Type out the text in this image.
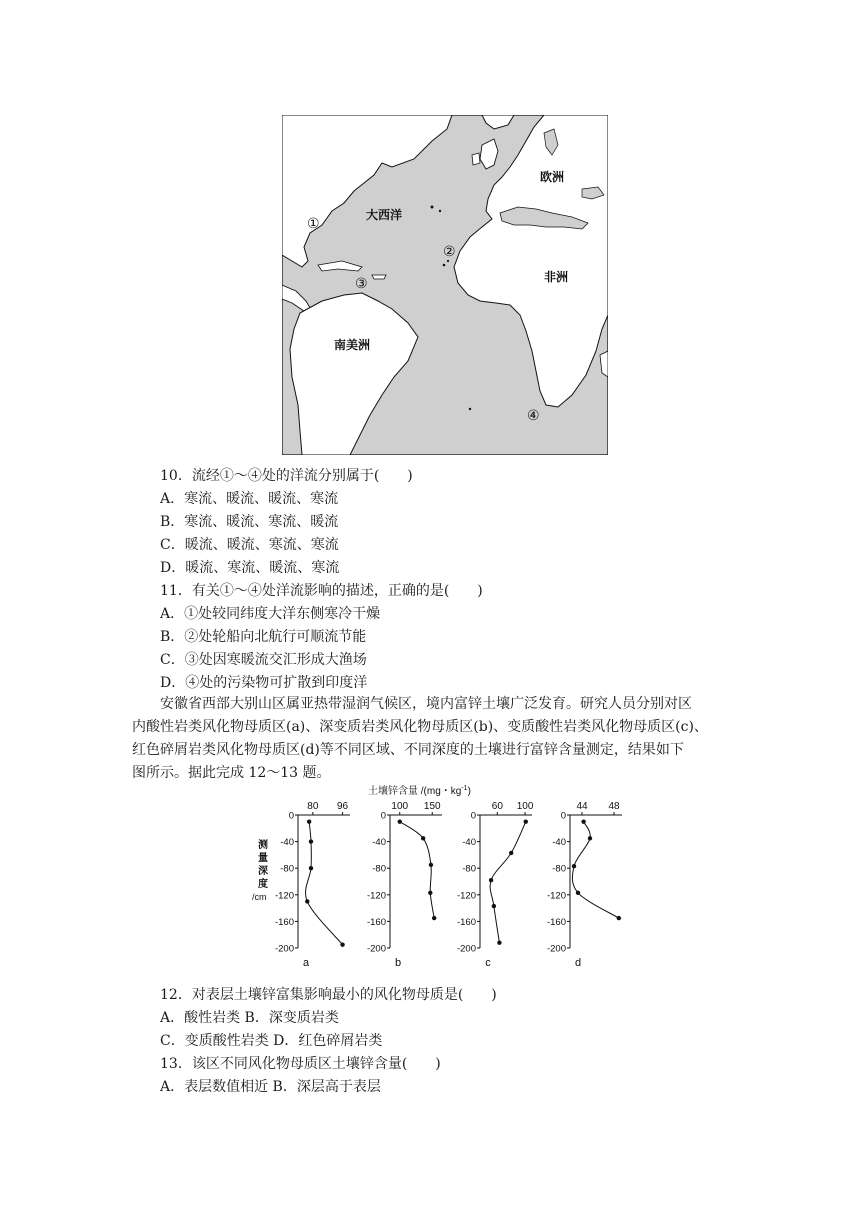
大西洋
欧洲
非洲
南美洲
①
②
③
④
10．流经①～④处的洋流分别属于(　　)
A．寒流、暖流、暖流、寒流
B．寒流、暖流、寒流、暖流
C．暖流、暖流、寒流、寒流
D．暖流、寒流、暖流、寒流
11．有关①～④处洋流影响的描述，正确的是(　　)
A．①处较同纬度大洋东侧寒冷干燥
B．②处轮船向北航行可顺流节能
C．③处因寒暖流交汇形成大渔场
D．④处的污染物可扩散到印度洋
安徽省西部大别山区属亚热带湿润气候区，境内富锌土壤广泛发育。研究人员分别对区
内酸性岩类风化物母质区(a)、深变质岩类风化物母质区(b)、变质酸性岩类风化物母质区(c)、
红色碎屑岩类风化物母质区(d)等不同区域、不同深度的土壤进行富锌含量测定，结果如下
图所示。据此完成 12～13 题。
土壤锌含量 /(mg・$kg^{-1}$)
测
量
深
度
/cm
0
-40
-80
-120
-160
-200
80 96
a
0
-40
-80
-120
-160
-200
100 150
b
0
-40
-80
-120
-160
-200
60 100
c
0
-40
-80
-120
-160
-200
44 48
d
12．对表层土壤锌富集影响最小的风化物母质是(　　)
A．酸性岩类 B．深变质岩类
C．变质酸性岩类 D．红色碎屑岩类
13．该区不同风化物母质区土壤锌含量(　　)
A．表层数值相近 B．深层高于表层
